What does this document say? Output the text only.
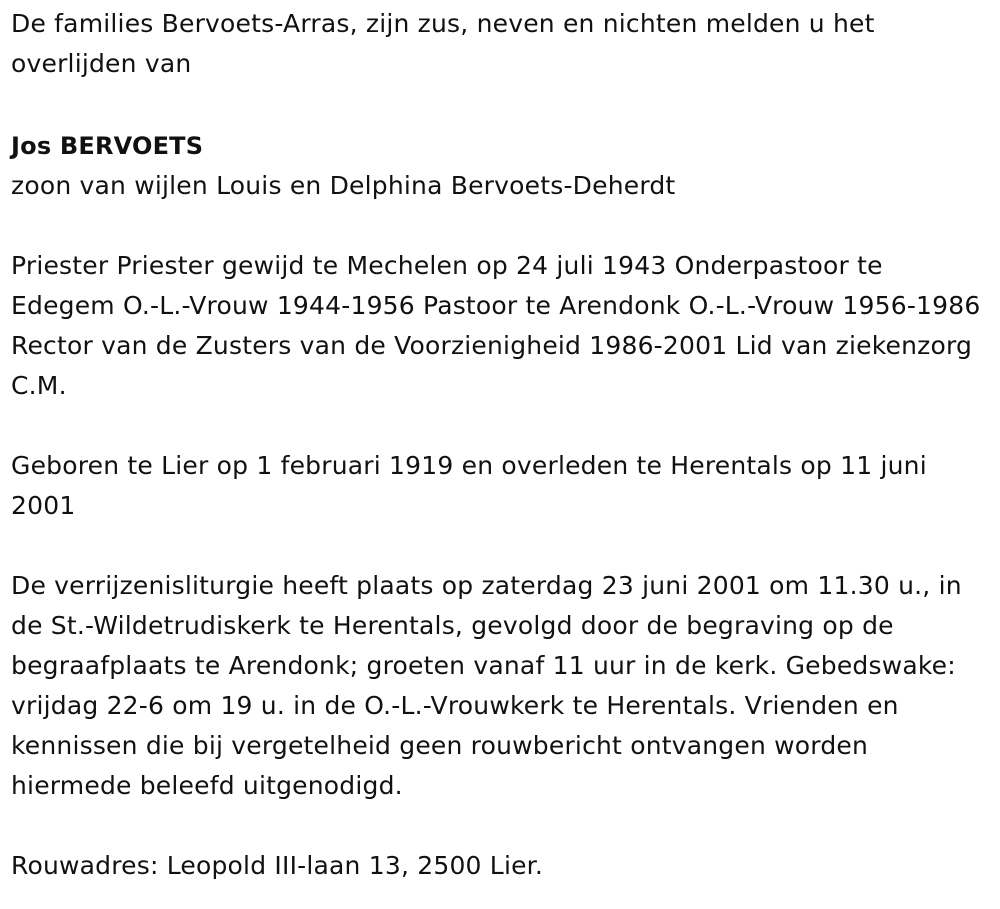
De families Bervoets-Arras, zijn zus, neven en nichten melden u het overlijden van

Jos BERVOETS

zoon van wijlen Louis en Delphina Bervoets-Deherdt

Priester Priester gewijd te Mechelen op 24 juli 1943 Onderpastoor te Edegem O.-L.-Vrouw 1944-1956 Pastoor te Arendonk O.-L.-Vrouw 1956-1986 Rector van de Zusters van de Voorzienigheid 1986-2001 Lid van ziekenzorg C.M.

Geboren te Lier op 1 februari 1919 en overleden te Herentals op 11 juni 2001

De verrijzenisliturgie heeft plaats op zaterdag 23 juni 2001 om 11.30 u., in de St.-Wildetrudiskerk te Herentals, gevolgd door de begraving op de begraafplaats te Arendonk; groeten vanaf 11 uur in de kerk. Gebedswake: vrijdag 22-6 om 19 u. in de O.-L.-Vrouwkerk te Herentals. Vrienden en kennissen die bij vergetelheid geen rouwbericht ontvangen worden hiermede beleefd uitgenodigd.

Rouwadres: Leopold III-laan 13, 2500 Lier.
